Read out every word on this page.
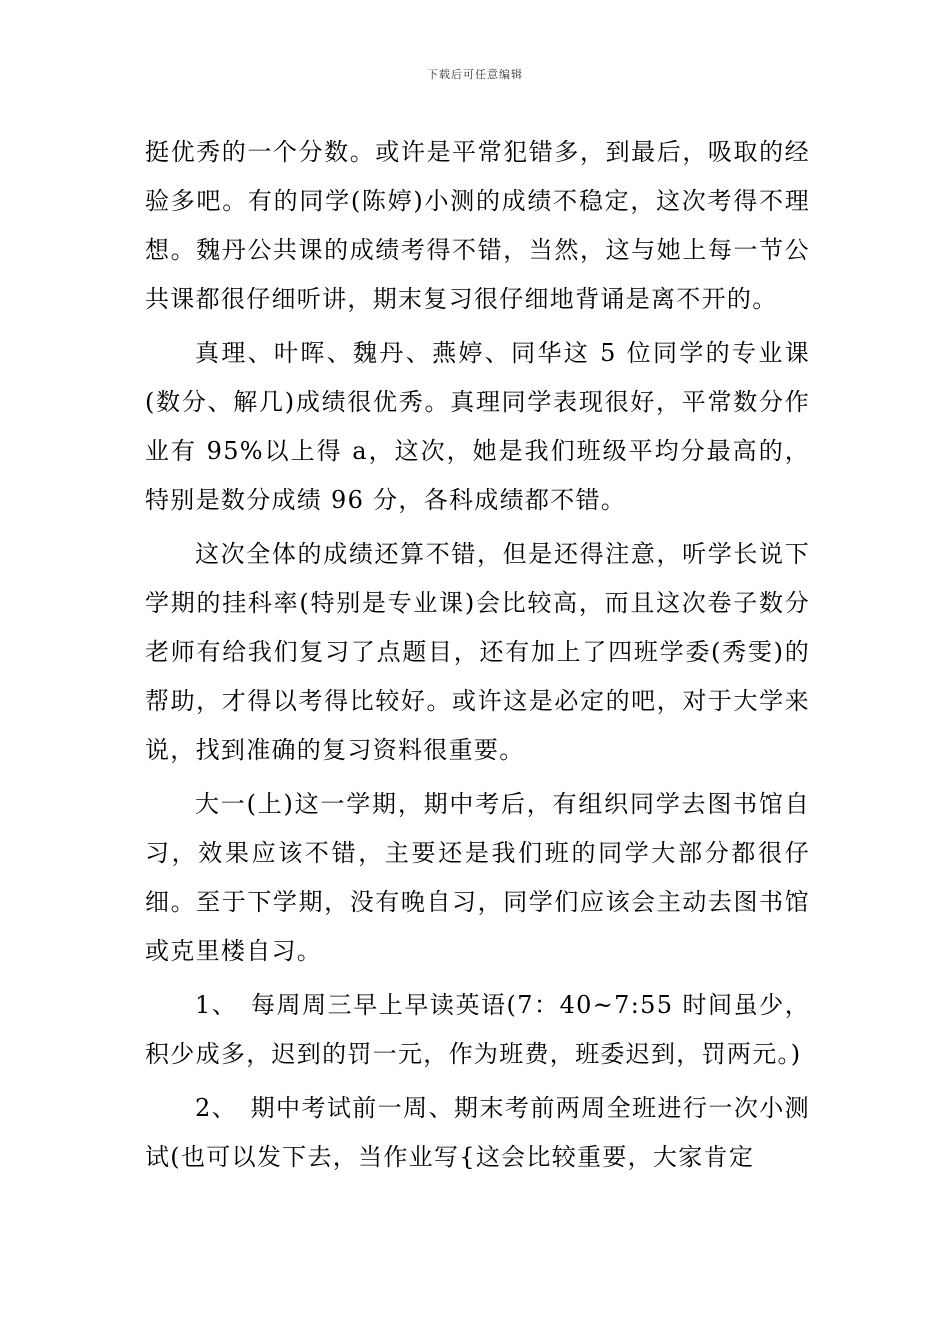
下载后可任意编辑

挺优秀的一个分数。或许是平常犯错多，到最后，吸取的经验多吧。有的同学(陈婷)小测的成绩不稳定，这次考得不理想。魏丹公共课的成绩考得不错，当然，这与她上每一节公共课都很仔细听讲，期末复习很仔细地背诵是离不开的。

真理、叶晖、魏丹、燕婷、同华这 5 位同学的专业课(数分、解几)成绩很优秀。真理同学表现很好，平常数分作业有 95%以上得 a，这次，她是我们班级平均分最高的，特别是数分成绩 96 分，各科成绩都不错。

这次全体的成绩还算不错，但是还得注意，听学长说下学期的挂科率(特别是专业课)会比较高，而且这次卷子数分老师有给我们复习了点题目，还有加上了四班学委(秀雯)的帮助，才得以考得比较好。或许这是必定的吧，对于大学来说，找到准确的复习资料很重要。

大一(上)这一学期，期中考后，有组织同学去图书馆自习，效果应该不错，主要还是我们班的同学大部分都很仔细。至于下学期，没有晚自习，同学们应该会主动去图书馆或克里楼自习。

1、　每周周三早上早读英语(7：40~7:55 时间虽少，积少成多，迟到的罚一元，作为班费，班委迟到，罚两元。)

2、　期中考试前一周、期末考前两周全班进行一次小测试(也可以发下去，当作业写{这会比较重要，大家肯定
